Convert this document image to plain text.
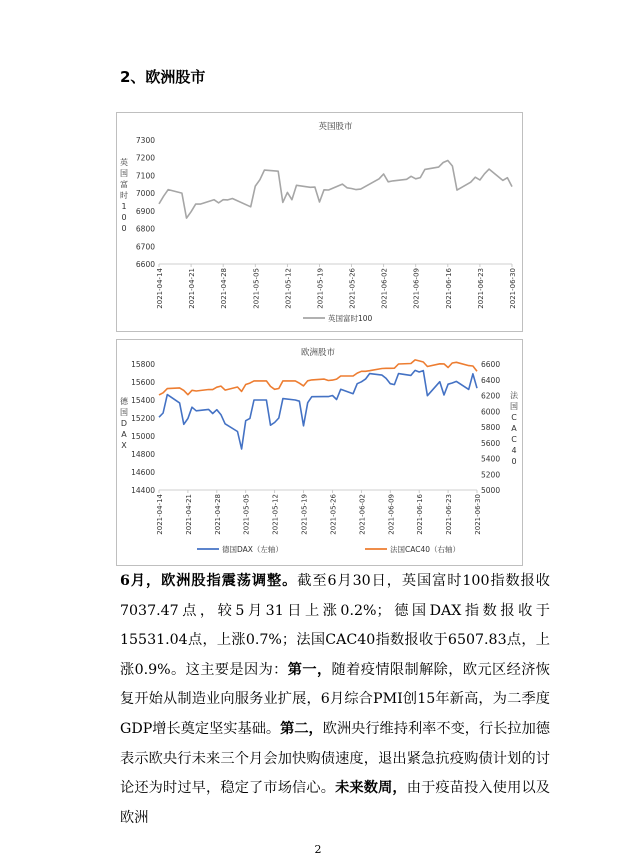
2、欧洲股市
英国股市
6600
6700
6800
6900
7000
7100
7200
7300
2021-04-14	2021-04-21	2021-04-28	2021-05-05	2021-05-12	2021-05-19	2021-05-26	2021-06-02	2021-06-09	2021-06-16	2021-06-23	2021-06-30
英
国
富
时
1
0
0
英国富时100
欧洲股市
14400
14600
14800
15000
15200
15400
15600
15800
5000
5200
5400
5600
5800
6000
6200
6400
6600
2021-04-14	2021-04-21	2021-04-28	2021-05-05	2021-05-12	2021-05-19	2021-05-26	2021-06-02	2021-06-09	2021-06-16	2021-06-23	2021-06-30
德
国
D
A
X
法
国
C
A
C
4
0
德国DAX（左轴）	法国CAC40（右轴）
6月，欧洲股指震荡调整。截至6月30日，英国富时100指数报收7037.47点，较5月31日上涨0.2%；德国DAX指数报收于15531.04点，上涨0.7%；法国CAC40指数报收于6507.83点，上涨0.9%。这主要是因为：第一，随着疫情限制解除，欧元区经济恢复开始从制造业向服务业扩展，6月综合PMI创15年新高，为二季度GDP增长奠定坚实基础。第二，欧洲央行维持利率不变，行长拉加德表示欧央行未来三个月会加快购债速度，退出紧急抗疫购债计划的讨论还为时过早，稳定了市场信心。未来数周，由于疫苗投入使用以及欧洲
2
